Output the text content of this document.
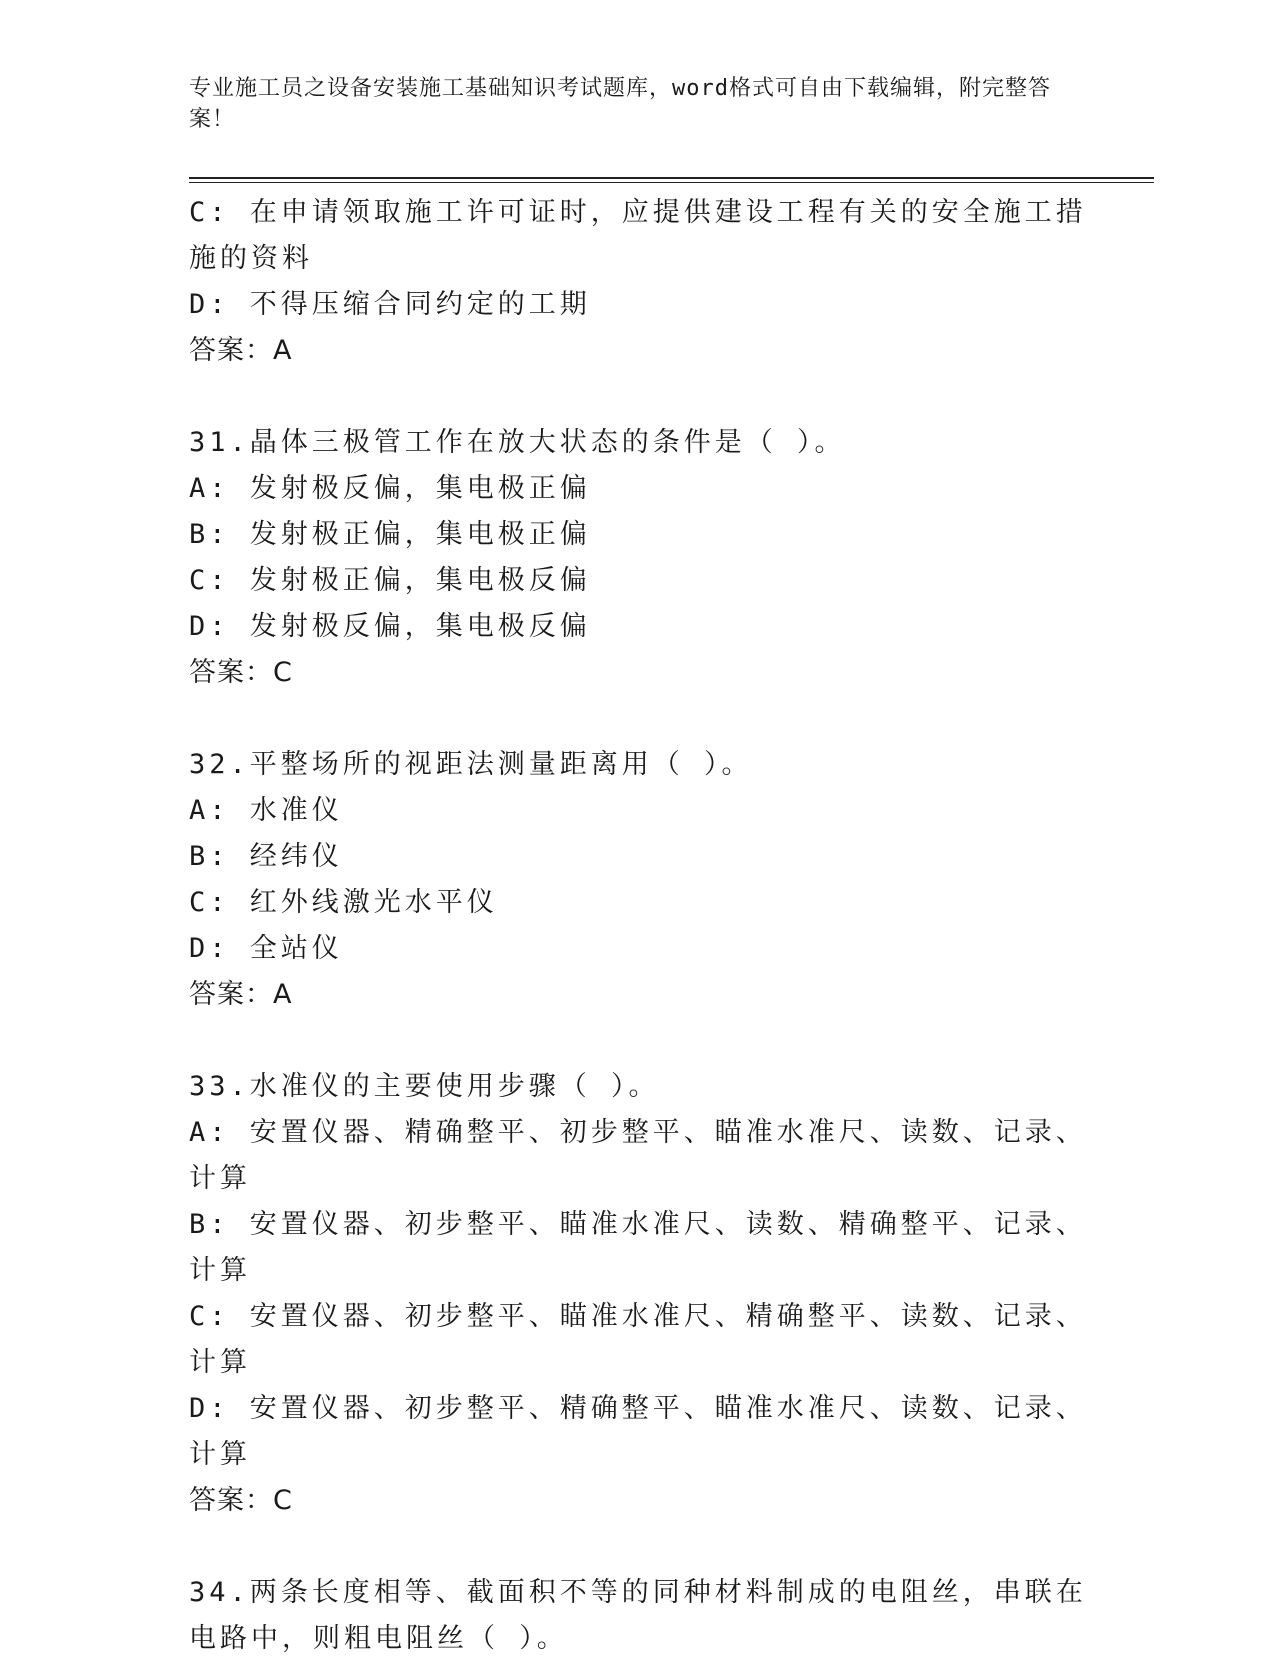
专业施工员之设备安装施工基础知识考试题库，word格式可自由下载编辑，附完整答案！
C: 在申请领取施工许可证时，应提供建设工程有关的安全施工措施的资料
D: 不得压缩合同约定的工期
答案：A
31.晶体三极管工作在放大状态的条件是（ ）。
A: 发射极反偏，集电极正偏
B: 发射极正偏，集电极正偏
C: 发射极正偏，集电极反偏
D: 发射极反偏，集电极反偏
答案：C
32.平整场所的视距法测量距离用（ ）。
A: 水准仪
B: 经纬仪
C: 红外线激光水平仪
D: 全站仪
答案：A
33.水准仪的主要使用步骤（ ）。
A: 安置仪器、精确整平、初步整平、瞄准水准尺、读数、记录、计算
B: 安置仪器、初步整平、瞄准水准尺、读数、精确整平、记录、计算
C: 安置仪器、初步整平、瞄准水准尺、精确整平、读数、记录、计算
D: 安置仪器、初步整平、精确整平、瞄准水准尺、读数、记录、计算
答案：C
34.两条长度相等、截面积不等的同种材料制成的电阻丝，串联在电路中，则粗电阻丝（ ）。
